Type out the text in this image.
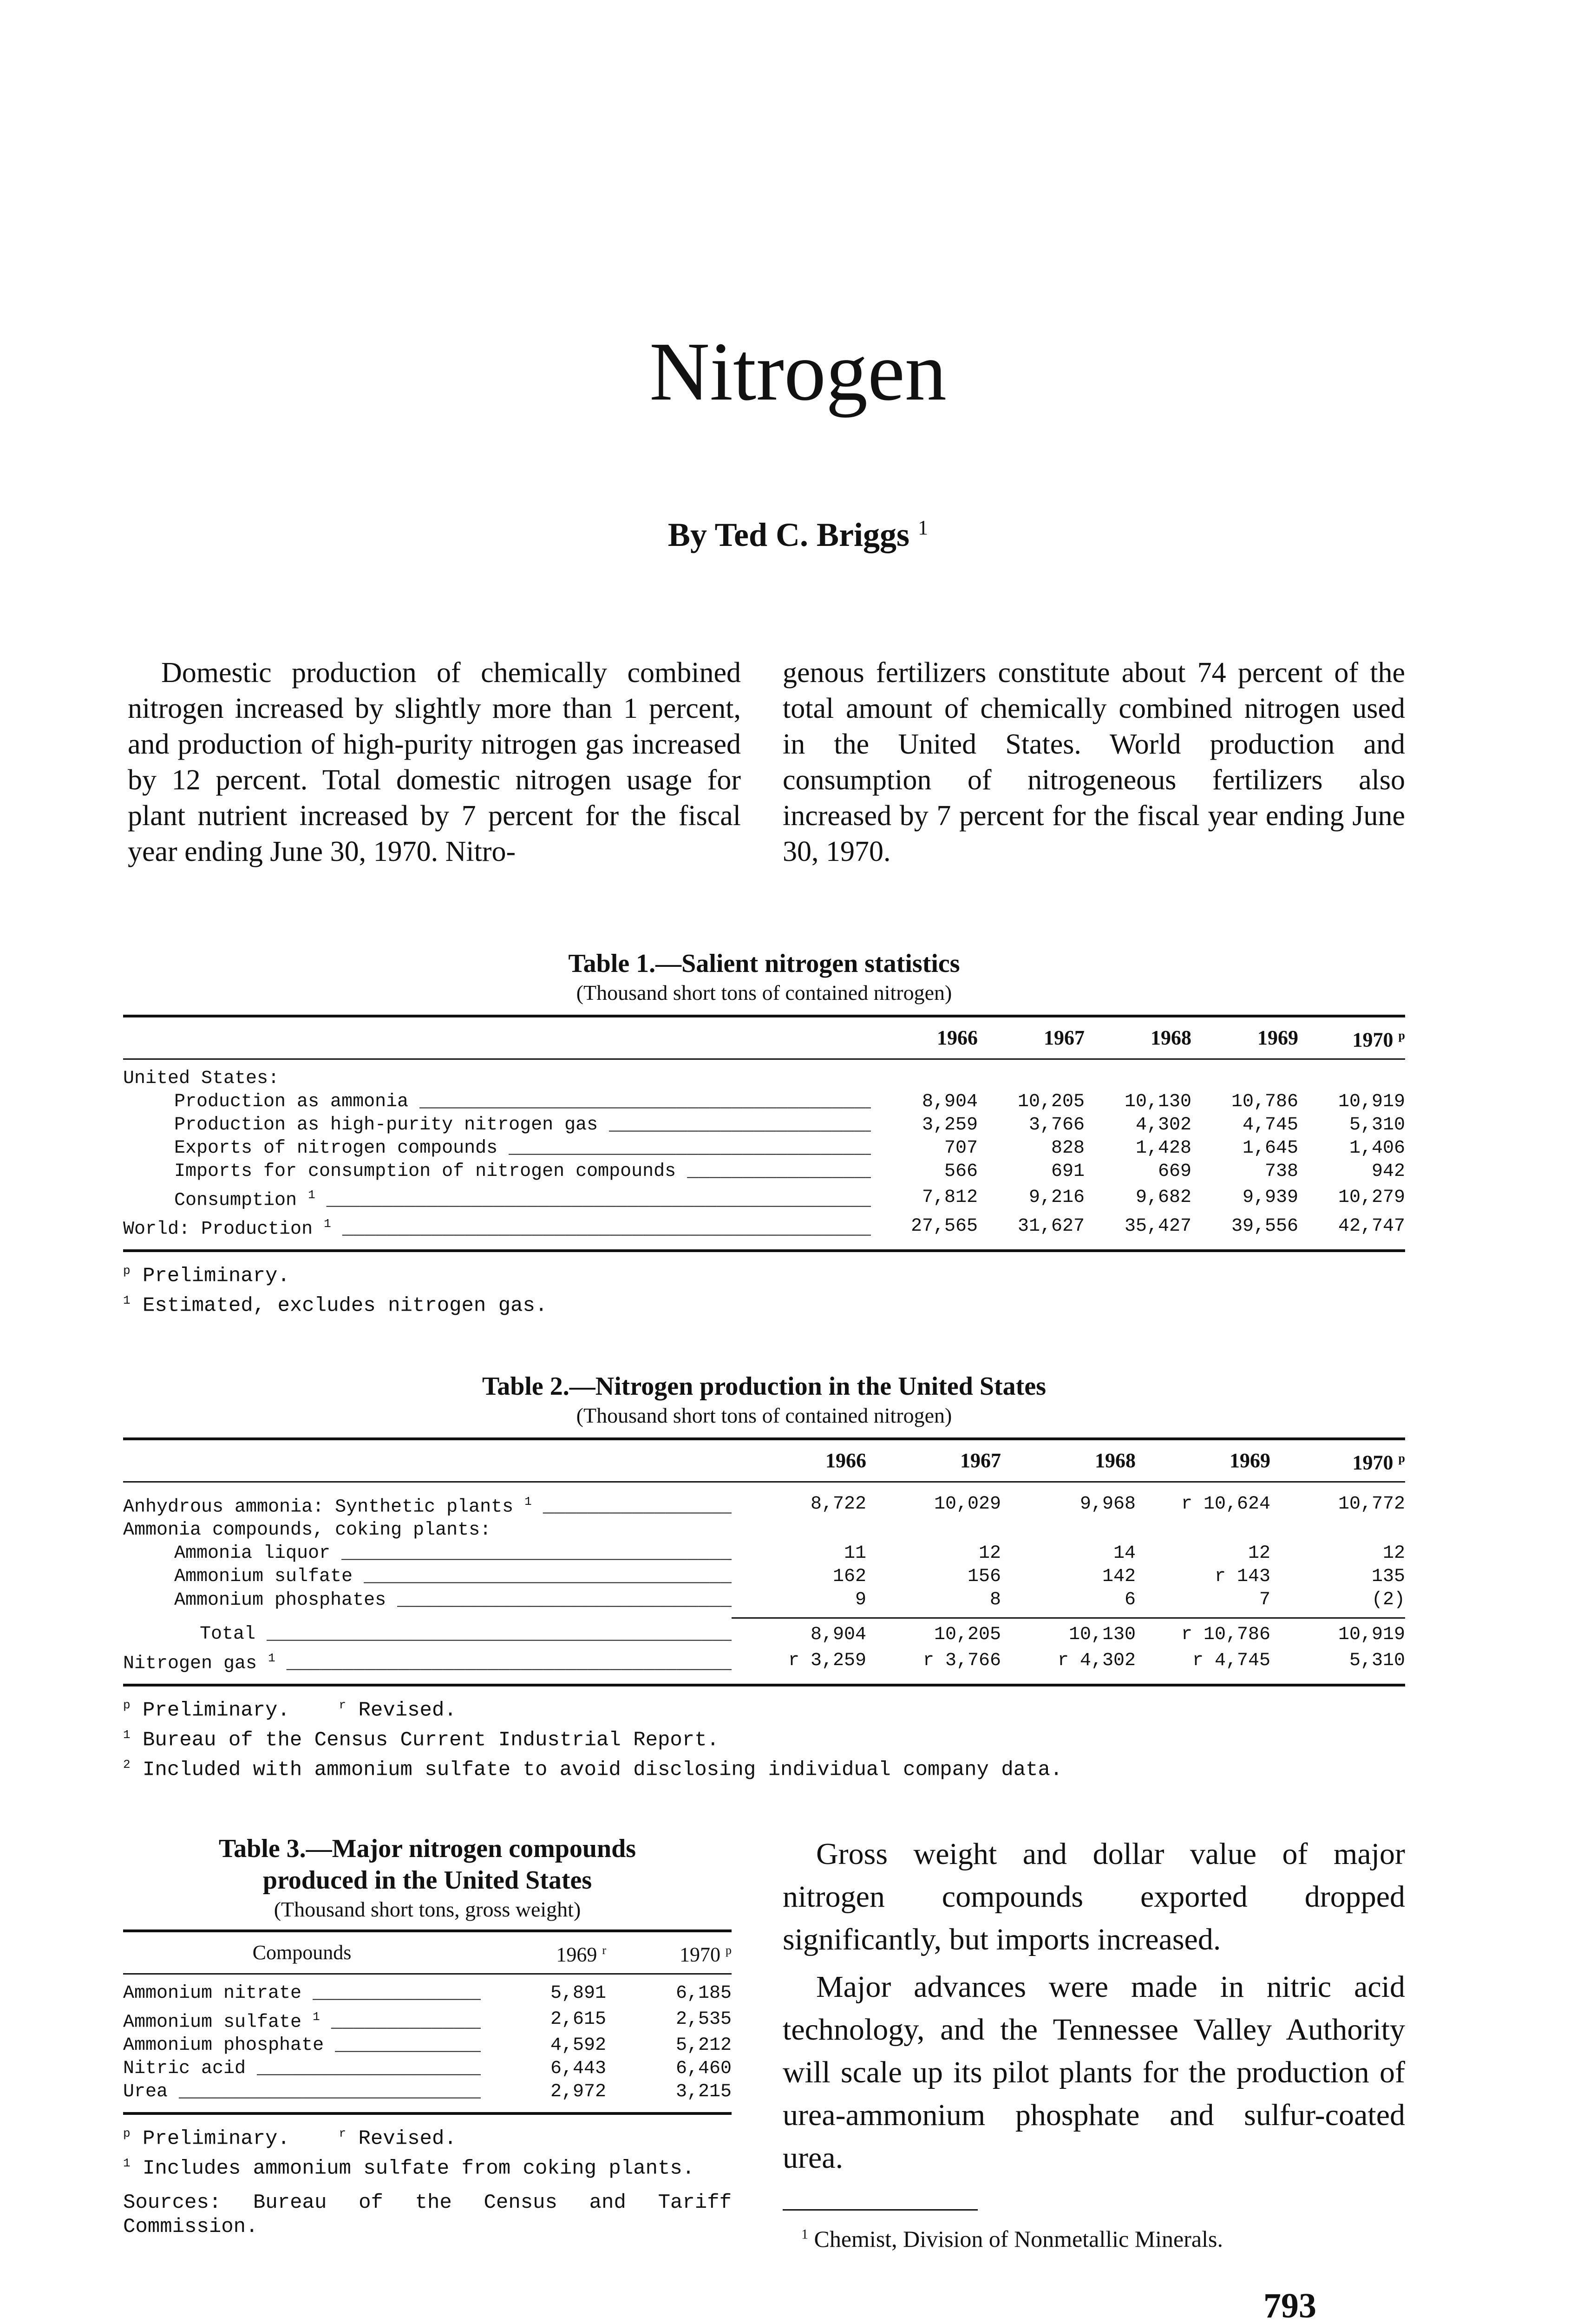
Nitrogen
By Ted C. Briggs $^1$
Domestic production of chemically combined nitrogen increased by slightly more than 1 percent, and production of high-purity nitrogen gas increased by 12 percent. Total domestic nitrogen usage for plant nutrient increased by 7 percent for the fiscal year ending June 30, 1970. Nitro-
genous fertilizers constitute about 74 percent of the total amount of chemically combined nitrogen used in the United States. World production and consumption of nitrogeneous fertilizers also increased by 7 percent for the fiscal year ending June 30, 1970.
Table 1.—Salient nitrogen statistics
(Thousand short tons of contained nitrogen)
	1966	1967	1968	1969	1970 $^p$
United States:					
Production as ammonia _____	8,904	10,205	10,130	10,786	10,919
Production as high-purity nitrogen gas _____	3,259	3,766	4,302	4,745	5,310
Exports of nitrogen compounds _____	707	828	1,428	1,645	1,406
Imports for consumption of nitrogen compounds _____	566	691	669	738	942
Consumption $^1$ _____	7,812	9,216	9,682	9,939	10,279
World: Production $^1$ _____	27,565	31,627	35,427	39,556	42,747
$^p$ Preliminary.
$^1$ Estimated, excludes nitrogen gas.
Table 2.—Nitrogen production in the United States
(Thousand short tons of contained nitrogen)
	1966	1967	1968	1969	1970 $^p$
Anhydrous ammonia: Synthetic plants $^1$ _____	8,722	10,029	9,968	r 10,624	10,772
Ammonia compounds, coking plants:					
Ammonia liquor _____	11	12	14	12	12
Ammonium sulfate _____	162	156	142	r 143	135
Ammonium phosphates _____	9	8	6	7	(2)
Total _____	8,904	10,205	10,130	r 10,786	10,919
Nitrogen gas $^1$ _____	r 3,259	r 3,766	r 4,302	r 4,745	5,310
$^p$ Preliminary.	$^r$ Revised.
$^1$ Bureau of the Census Current Industrial Report.
$^2$ Included with ammonium sulfate to avoid disclosing individual company data.
Table 3.—Major nitrogen compounds
produced in the United States
(Thousand short tons, gross weight)
Compounds	1969 $^r$	1970 $^p$
Ammonium nitrate _____	5,891	6,185
Ammonium sulfate $^1$ _____	2,615	2,535
Ammonium phosphate _____	4,592	5,212
Nitric acid _____	6,443	6,460
Urea _____	2,972	3,215
$^p$ Preliminary.	$^r$ Revised.
$^1$ Includes ammonium sulfate from coking plants.
Sources: Bureau of the Census and Tariff Commission.

Gross weight and dollar value of major nitrogen compounds exported dropped significantly, but imports increased.

Major advances were made in nitric acid technology, and the Tennessee Valley Authority will scale up its pilot plants for the production of urea-ammonium phosphate and sulfur-coated urea.

$^1$ Chemist, Division of Nonmetallic Minerals.
793
